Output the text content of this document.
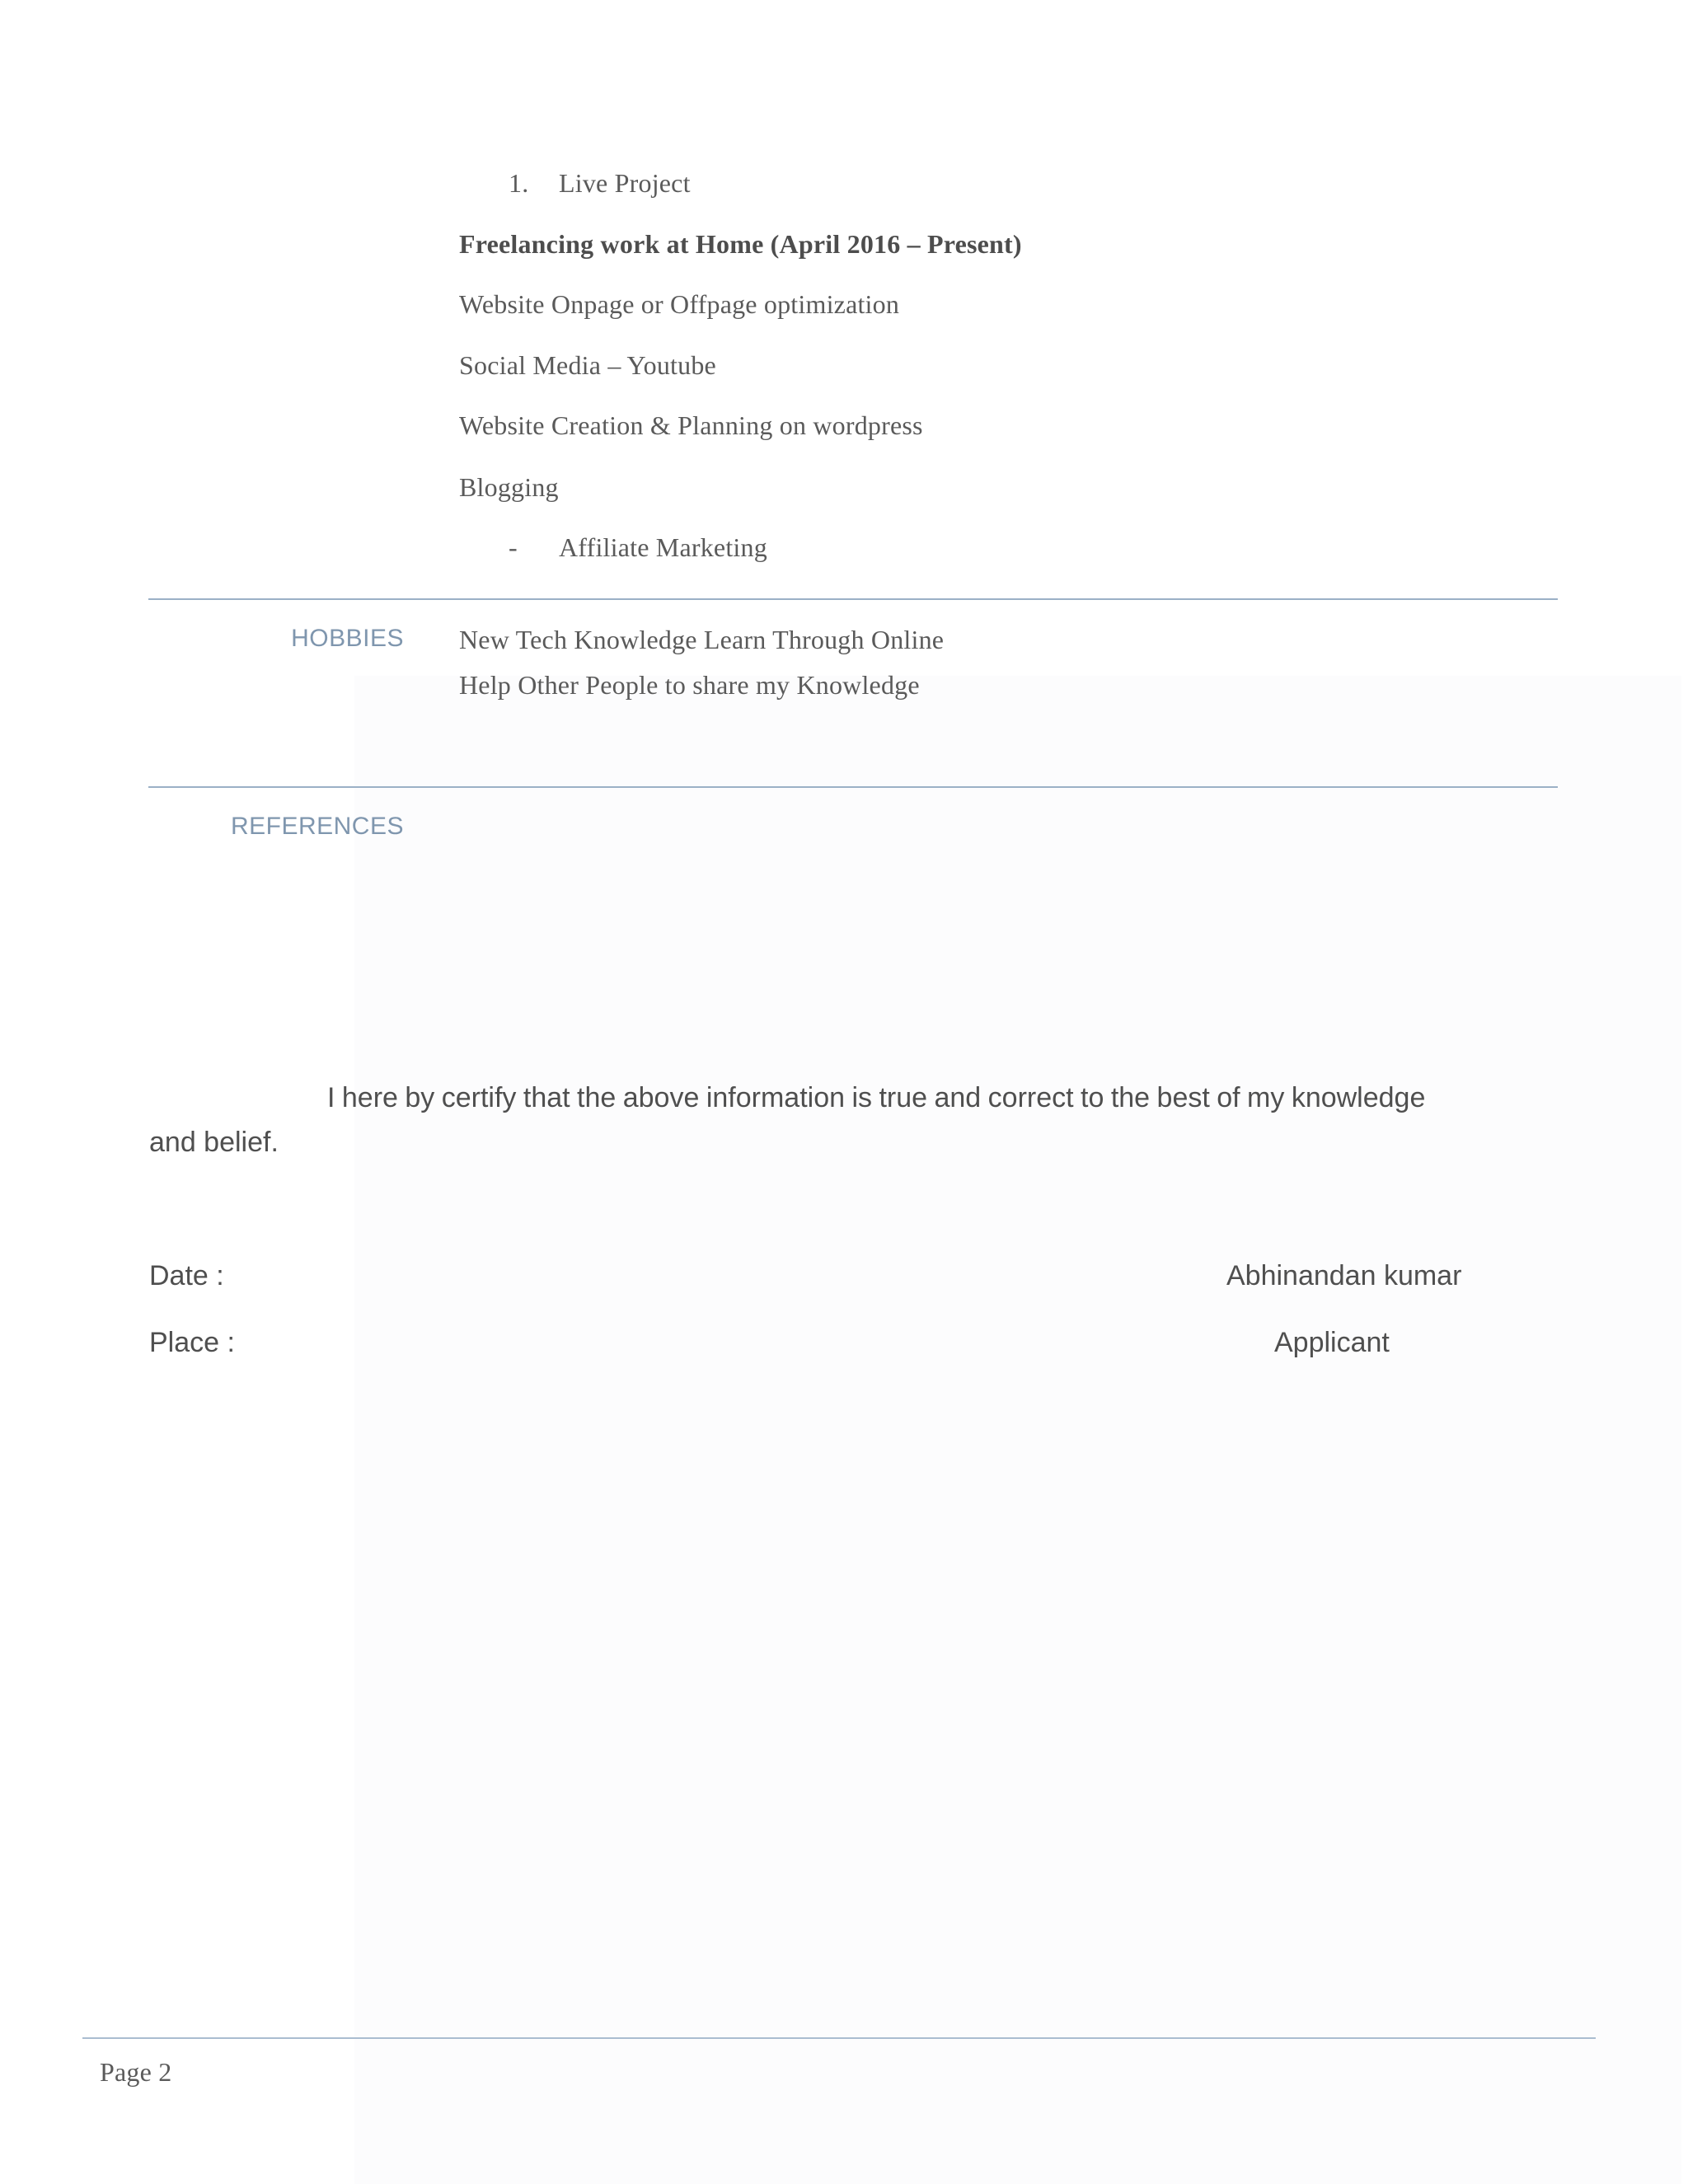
1. Live Project
Freelancing work at Home (April 2016 – Present)
Website Onpage or Offpage optimization
Social Media – Youtube
Website Creation & Planning on wordpress
Blogging
- Affiliate Marketing
HOBBIES New Tech Knowledge Learn Through Online
Help Other People to share my Knowledge
REFERENCES
I here by certify that the above information is true and correct to the best of my knowledge
and belief.
Date :	Abhinandan kumar
Place :	Applicant
Page 2
